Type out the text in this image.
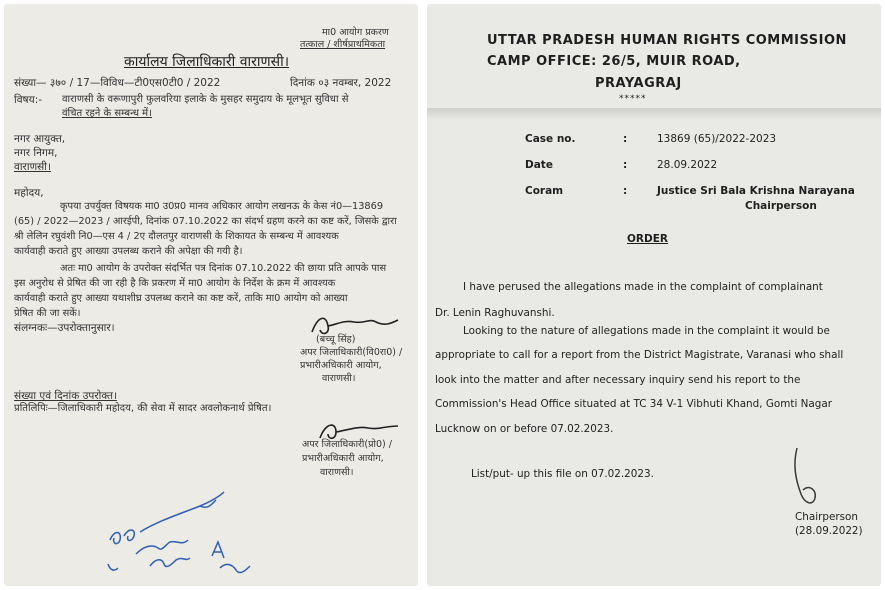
मा0 आयोग प्रकरण
तत्काल / शीर्षप्राथमिकता
कार्यालय जिलाधिकारी वाराणसी।
संख्या— ३७० / 17—विविध—टी0एस0टी0 / 2022	दिनांक ०३ नवम्बर, 2022
विषय:- वाराणसी के वरूणापुरी फुलवरिया इलाके के मुसहर समुदाय के मूलभूत सुविधा से
वंचित रहने के सम्बन्ध में।
नगर आयुक्त,
नगर निगम,
वाराणसी।
महोदय,
कृपया उपर्युक्त विषयक मा0 उ0प्र0 मानव अधिकार आयोग लखनऊ के केस नं0—13869
(65) / 2022—2023 / आरईपी, दिनांक 07.10.2022 का संदर्भ ग्रहण करने का कष्ट करें, जिसके द्वारा
श्री लेलिन रघुवंशी नि0—एस 4 / 2ए दौलतपुर वाराणसी के शिकायत के सम्बन्ध में आवश्यक
कार्यवाही कराते हुए आख्या उपलब्ध कराने की अपेक्षा की गयी है।
अतः मा0 आयोग के उपरोक्त संदर्भित पत्र दिनांक 07.10.2022 की छाया प्रति आपके पास
इस अनुरोध से प्रेषित की जा रही है कि प्रकरण में मा0 आयोग के निर्देश के क्रम में आवश्यक
कार्यवाही कराते हुए आख्या यथाशीघ्र उपलब्ध कराने का कष्ट करें, ताकि मा0 आयोग को आख्या
प्रेषित की जा सकें।
संलग्नकः—उपरोक्तानुसार।
(बच्चू सिंह)
अपर जिलाधिकारी(वि0रा0) /
प्रभारीअधिकारी आयोग,
वाराणसी।
संख्या एवं दिनांक उपरोक्त।
प्रतिलिपिः—जिलाधिकारी महोदय, की सेवा में सादर अवलोकनार्थ प्रेषित।
अपर जिलाधिकारी(प्रो0) /
प्रभारीअधिकारी आयोग,
वाराणसी।
UTTAR PRADESH HUMAN RIGHTS COMMISSION
CAMP OFFICE: 26/5, MUIR ROAD,
PRAYAGRAJ
*****
Case no.	:	13869 (65)/2022-2023
Date	:	28.09.2022
Coram	:	Justice Sri Bala Krishna Narayana
Chairperson
ORDER
I have perused the allegations made in the complaint of complainant
Dr. Lenin Raghuvanshi.
Looking to the nature of allegations made in the complaint it would be
appropriate to call for a report from the District Magistrate, Varanasi who shall
look into the matter and after necessary inquiry send his report to the
Commission's Head Office situated at TC 34 V-1 Vibhuti Khand, Gomti Nagar
Lucknow on or before 07.02.2023.
List/put- up this file on 07.02.2023.
Chairperson
(28.09.2022)
